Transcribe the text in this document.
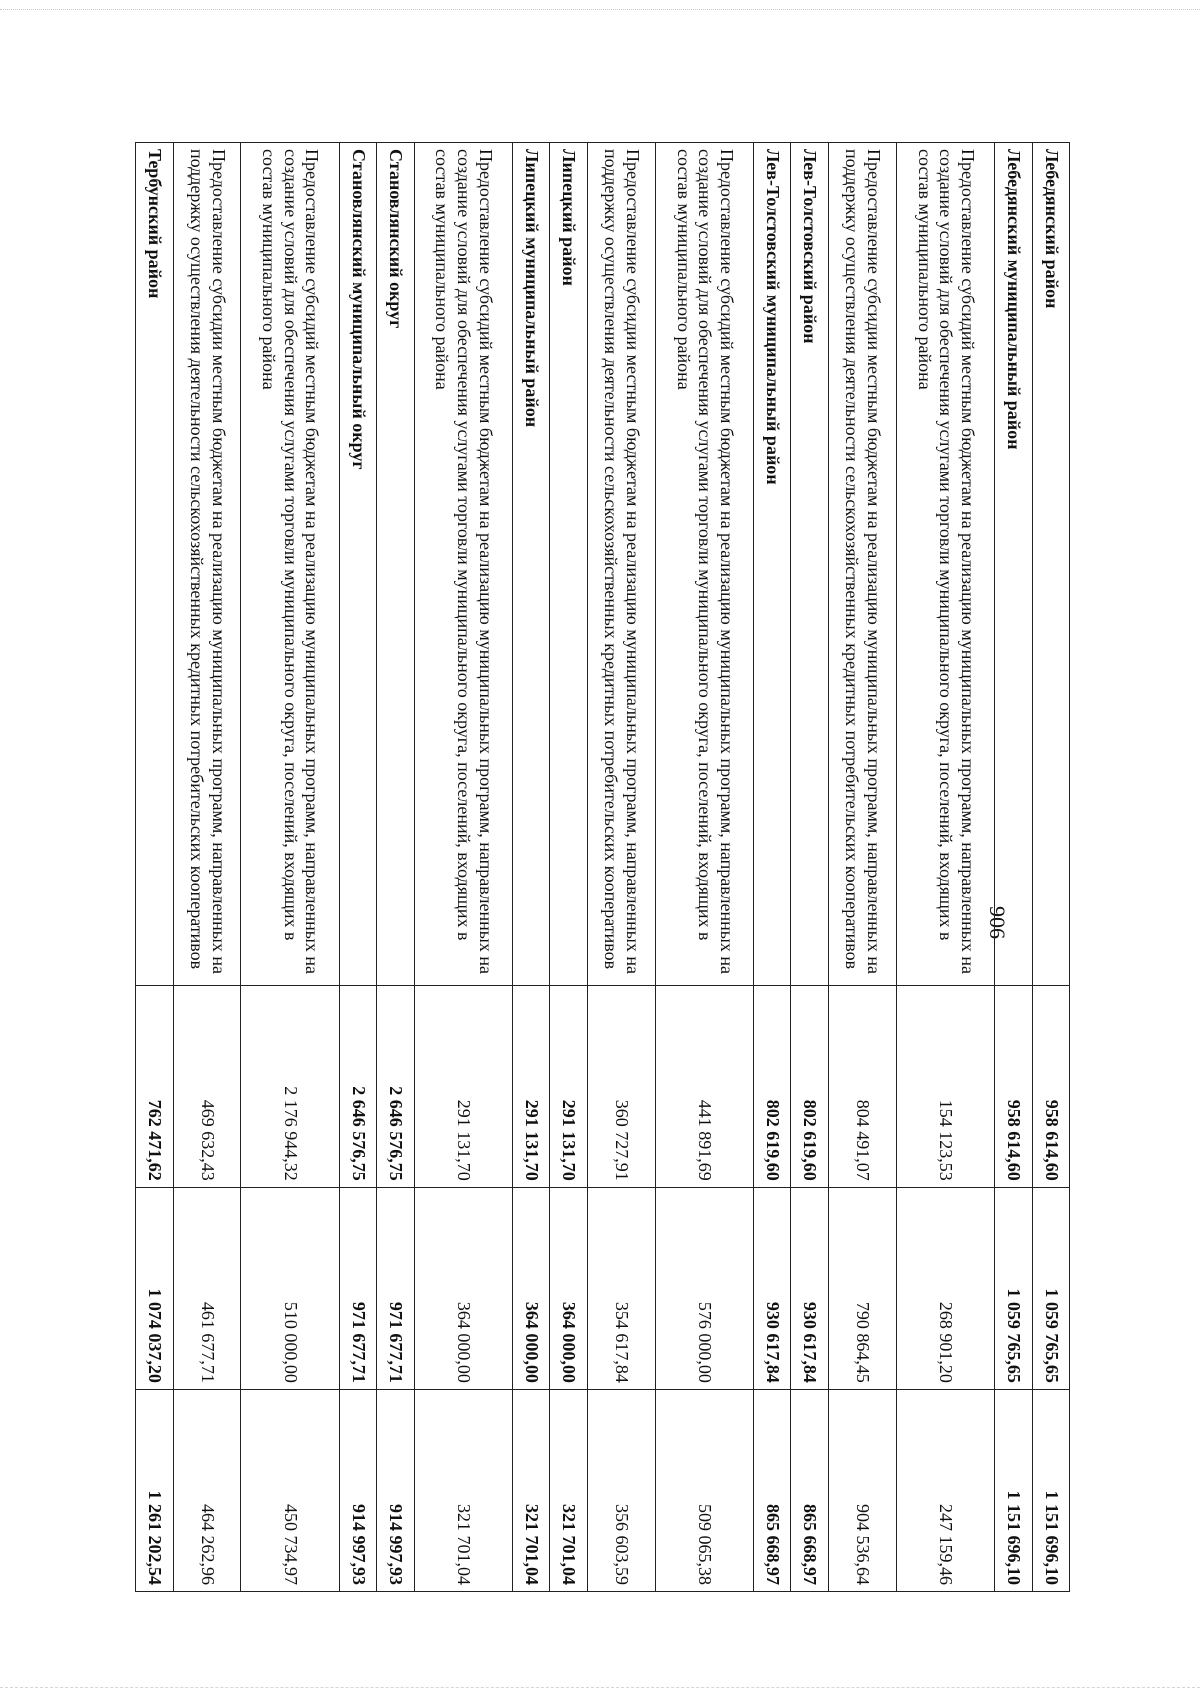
906
Лебедянский район	958 614,60	1 059 765,65	1 151 696,10
Лебедянский муниципальный район	958 614,60	1 059 765,65	1 151 696,10
Предоставление субсидий местным бюджетам на реализацию муниципальных программ, направленных на создание условий для обеспечения услугами торговли муниципального округа, поселений, входящих в состав муниципального района	154 123,53	268 901,20	247 159,46
Предоставление субсидии местным бюджетам на реализацию муниципальных программ, направленных на поддержку осуществления деятельности сельскохозяйственных кредитных потребительских кооперативов	804 491,07	790 864,45	904 536,64
Лев-Толстовский район	802 619,60	930 617,84	865 668,97
Лев-Толстовский муниципальный район	802 619,60	930 617,84	865 668,97
Предоставление субсидий местным бюджетам на реализацию муниципальных программ, направленных на создание условий для обеспечения услугами торговли муниципального округа, поселений, входящих в состав муниципального района	441 891,69	576 000,00	509 065,38
Предоставление субсидии местным бюджетам на реализацию муниципальных программ, направленных на поддержку осуществления деятельности сельскохозяйственных кредитных потребительских кооперативов	360 727,91	354 617,84	356 603,59
Липецкий район	291 131,70	364 000,00	321 701,04
Липецкий муниципальный район	291 131,70	364 000,00	321 701,04
Предоставление субсидий местным бюджетам на реализацию муниципальных программ, направленных на создание условий для обеспечения услугами торговли муниципального округа, поселений, входящих в состав муниципального района	291 131,70	364 000,00	321 701,04
Становлянский округ	2 646 576,75	971 677,71	914 997,93
Становлянский муниципальный округ	2 646 576,75	971 677,71	914 997,93
Предоставление субсидий местным бюджетам на реализацию муниципальных программ, направленных на создание условий для обеспечения услугами торговли муниципального округа, поселений, входящих в состав муниципального района	2 176 944,32	510 000,00	450 734,97
Предоставление субсидии местным бюджетам на реализацию муниципальных программ, направленных на поддержку осуществления деятельности сельскохозяйственных кредитных потребительских кооперативов	469 632,43	461 677,71	464 262,96
Тербунский район	762 471,62	1 074 037,20	1 261 202,54
